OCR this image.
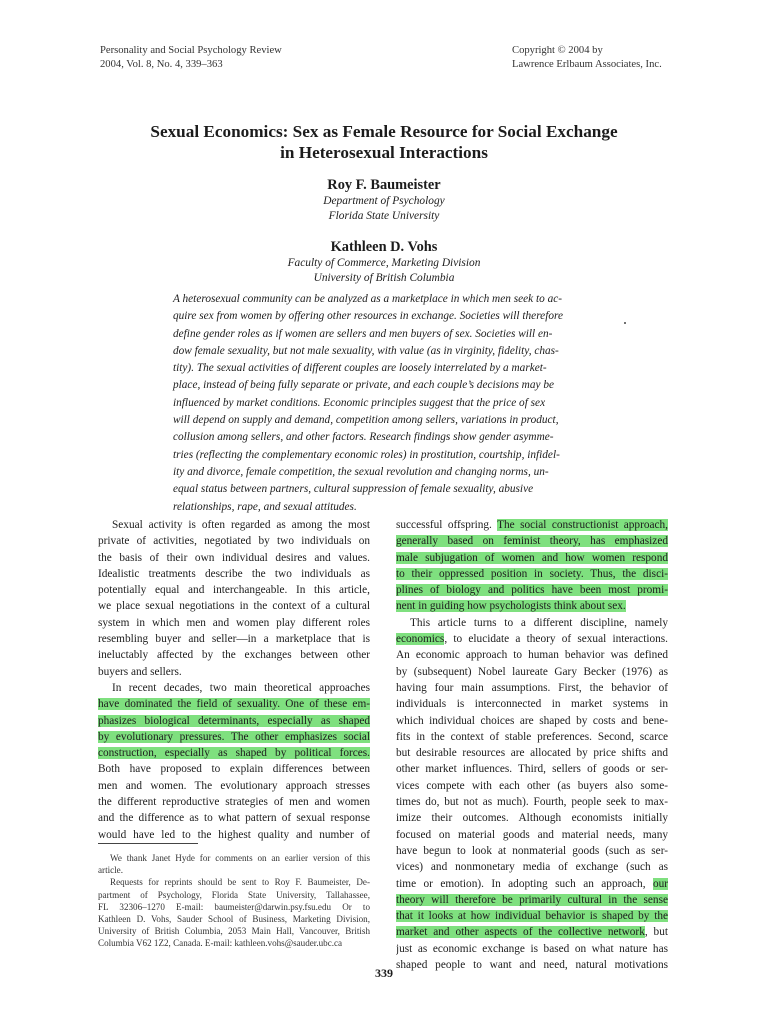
Personality and Social Psychology Review
2004, Vol. 8, No. 4, 339–363
Copyright © 2004 by
Lawrence Erlbaum Associates, Inc.
Sexual Economics: Sex as Female Resource for Social Exchange
in Heterosexual Interactions
Roy F. Baumeister
Department of Psychology
Florida State University
Kathleen D. Vohs
Faculty of Commerce, Marketing Division
University of British Columbia
A heterosexual community can be analyzed as a marketplace in which men seek to ac-
quire sex from women by offering other resources in exchange. Societies will therefore
define gender roles as if women are sellers and men buyers of sex. Societies will en-
dow female sexuality, but not male sexuality, with value (as in virginity, fidelity, chas-
tity). The sexual activities of different couples are loosely interrelated by a market-
place, instead of being fully separate or private, and each couple’s decisions may be
influenced by market conditions. Economic principles suggest that the price of sex
will depend on supply and demand, competition among sellers, variations in product,
collusion among sellers, and other factors. Research findings show gender asymme-
tries (reflecting the complementary economic roles) in prostitution, courtship, infidel-
ity and divorce, female competition, the sexual revolution and changing norms, un-
equal status between partners, cultural suppression of female sexuality, abusive
relationships, rape, and sexual attitudes.
Sexual activity is often regarded as among the most
private of activities, negotiated by two individuals on
the basis of their own individual desires and values.
Idealistic treatments describe the two individuals as
potentially equal and interchangeable. In this article,
we place sexual negotiations in the context of a cultural
system in which men and women play different roles
resembling buyer and seller—in a marketplace that is
ineluctably affected by the exchanges between other
buyers and sellers.
In recent decades, two main theoretical approaches
have dominated the field of sexuality. One of these em-
phasizes biological determinants, especially as shaped
by evolutionary pressures. The other emphasizes social
construction, especially as shaped by political forces.
Both have proposed to explain differences between
men and women. The evolutionary approach stresses
the different reproductive strategies of men and women
and the difference as to what pattern of sexual response
would have led to the highest quality and number of
successful offspring. The social constructionist approach,
generally based on feminist theory, has emphasized
male subjugation of women and how women respond
to their oppressed position in society. Thus, the disci-
plines of biology and politics have been most promi-
nent in guiding how psychologists think about sex.
This article turns to a different discipline, namely
economics, to elucidate a theory of sexual interactions.
An economic approach to human behavior was defined
by (subsequent) Nobel laureate Gary Becker (1976) as
having four main assumptions. First, the behavior of
individuals is interconnected in market systems in
which individual choices are shaped by costs and bene-
fits in the context of stable preferences. Second, scarce
but desirable resources are allocated by price shifts and
other market influences. Third, sellers of goods or ser-
vices compete with each other (as buyers also some-
times do, but not as much). Fourth, people seek to max-
imize their outcomes. Although economists initially
focused on material goods and material needs, many
have begun to look at nonmaterial goods (such as ser-
vices) and nonmonetary media of exchange (such as
time or emotion). In adopting such an approach, our
theory will therefore be primarily cultural in the sense
that it looks at how individual behavior is shaped by the
market and other aspects of the collective network, but
just as economic exchange is based on what nature has
shaped people to want and need, natural motivations
We thank Janet Hyde for comments on an earlier version of this
article.
Requests for reprints should be sent to Roy F. Baumeister, De-
partment of Psychology, Florida State University, Tallahassee,
FL 32306–1270 E-mail: baumeister@darwin.psy.fsu.edu Or to
Kathleen D. Vohs, Sauder School of Business, Marketing Division,
University of British Columbia, 2053 Main Hall, Vancouver, British
Columbia V62 1Z2, Canada. E-mail: kathleen.vohs@sauder.ubc.ca
339
